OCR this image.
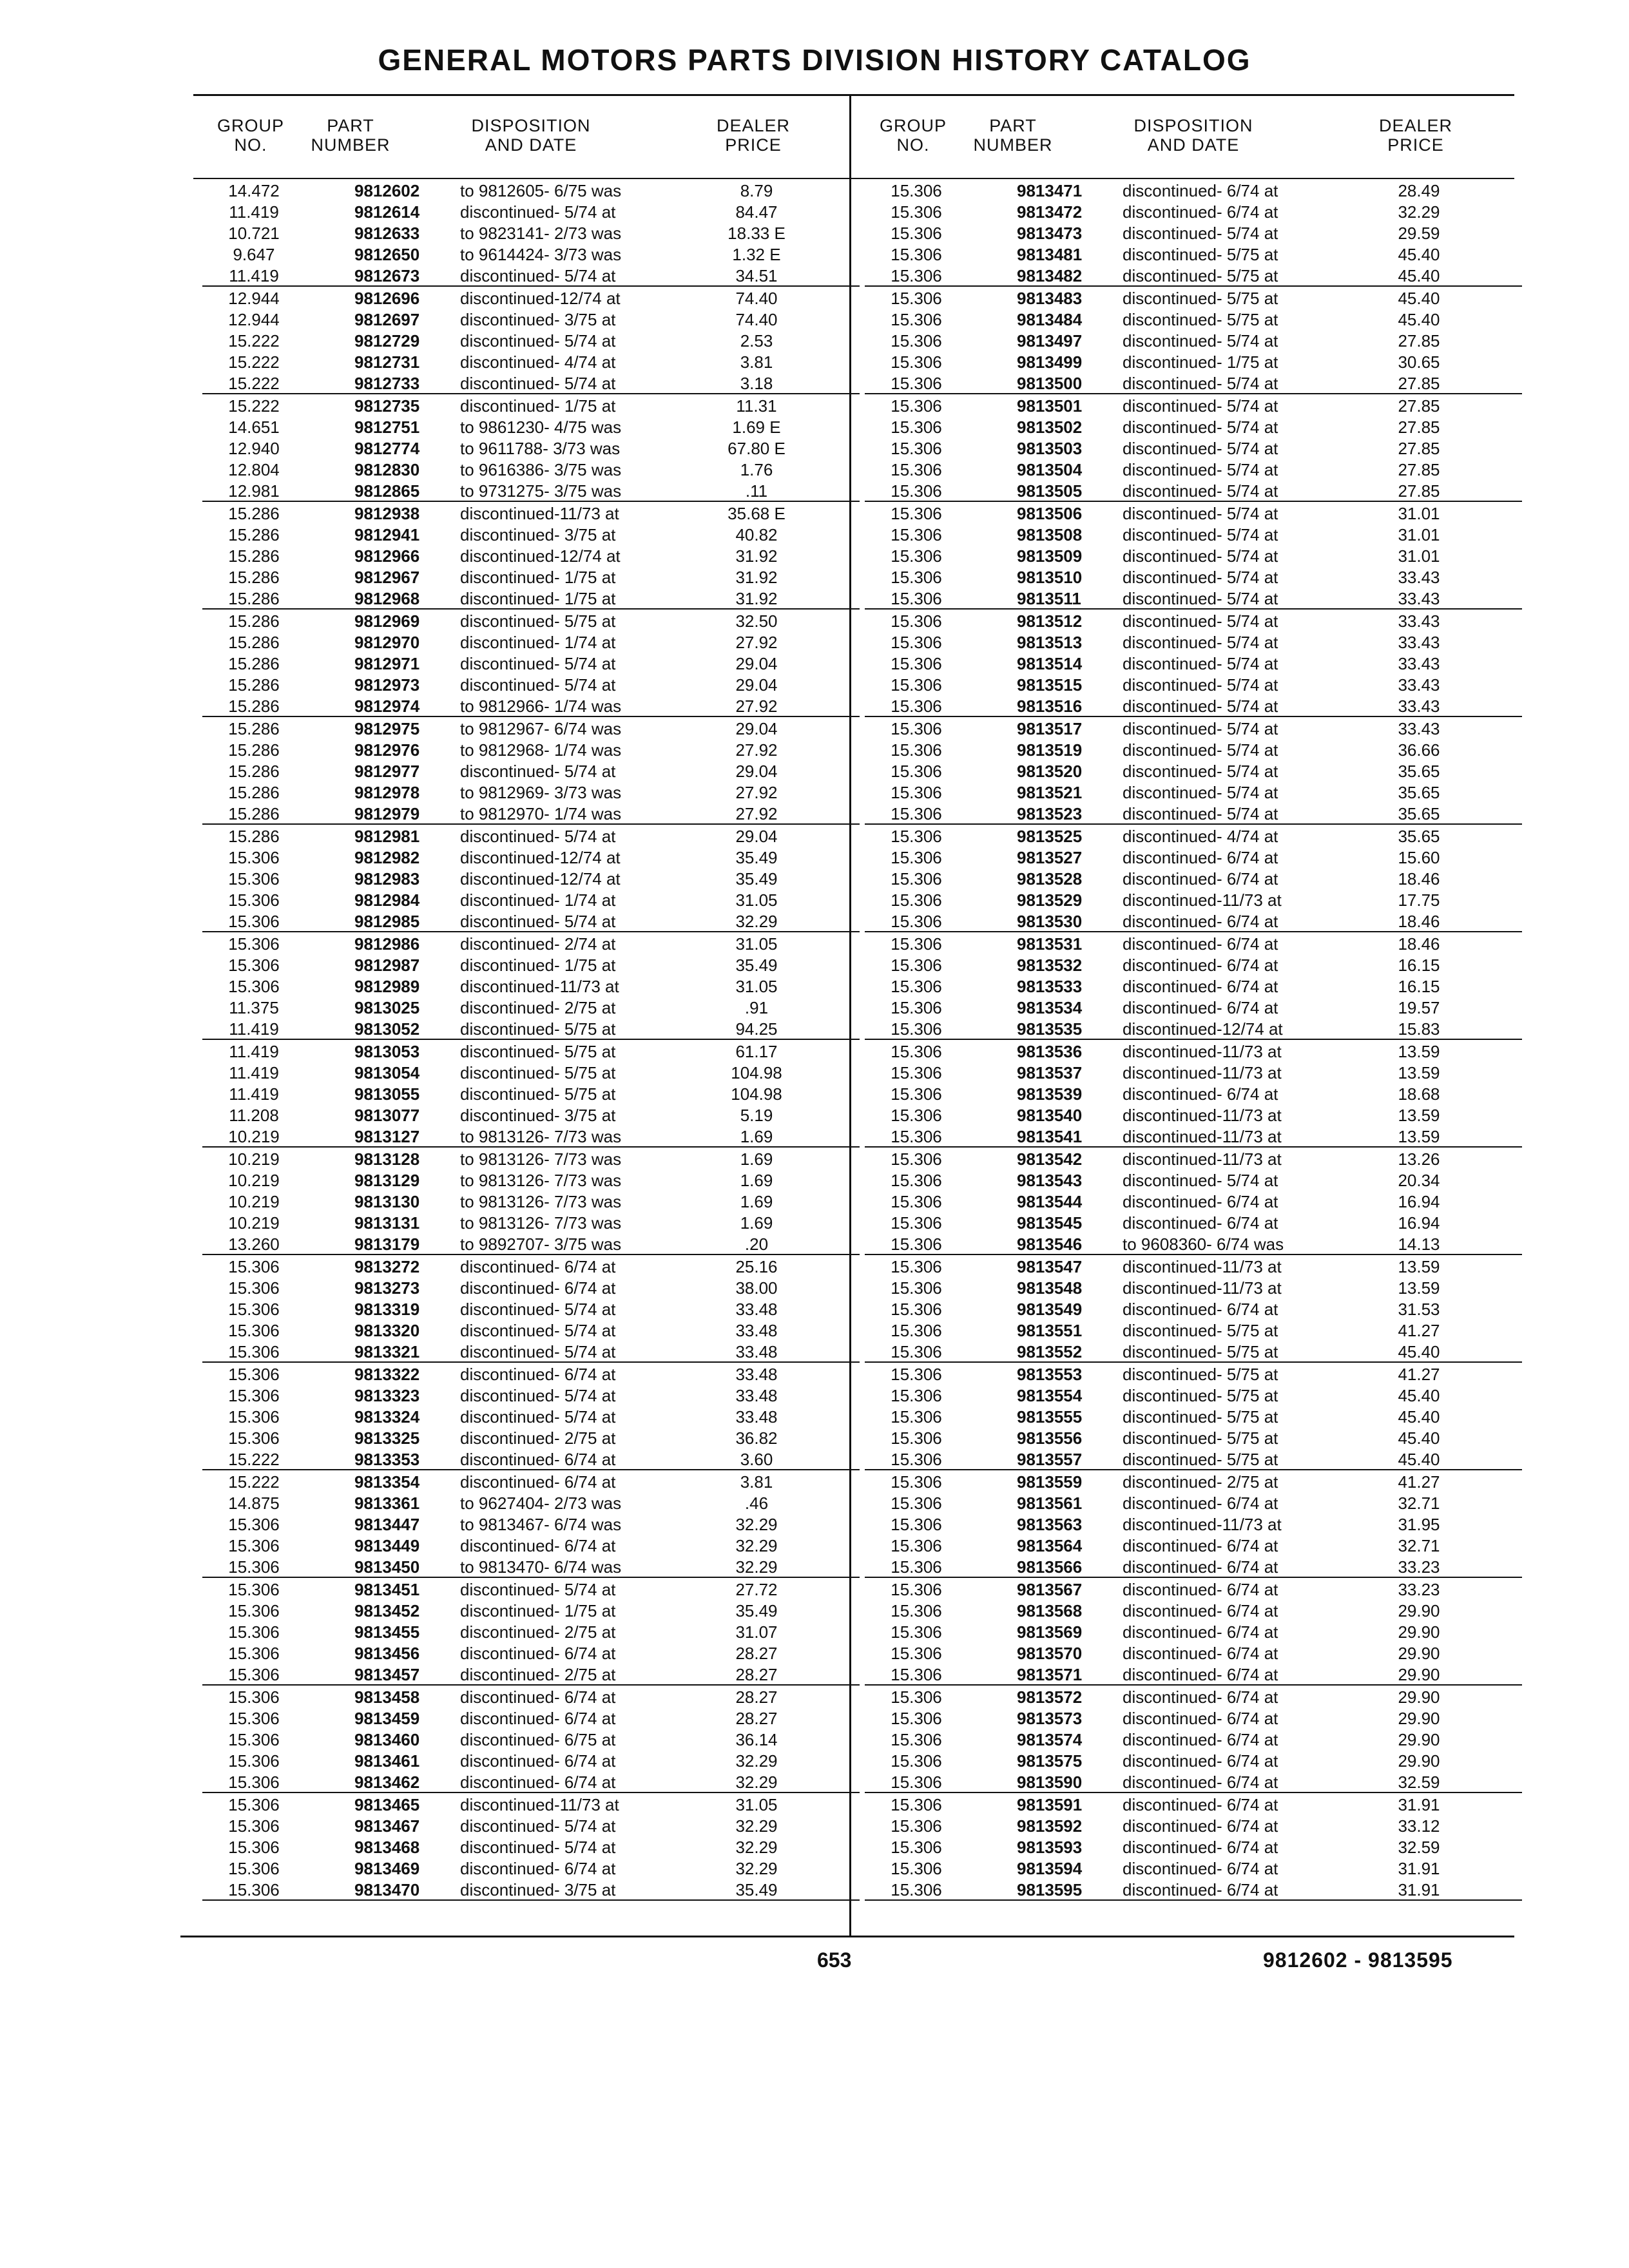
GENERAL MOTORS PARTS DIVISION HISTORY CATALOG
GROUP
NO.
PART
NUMBER
DISPOSITION
AND DATE
DEALER
PRICE
14.472	9812602 to 9812605- 6/75 was	8.79
11.419	9812614 discontinued- 5/74 at	84.47
10.721	9812633 to 9823141- 2/73 was	18.33 E
9.647	9812650 to 9614424- 3/73 was	1.32 E
11.419	9812673 discontinued- 5/74 at	34.51
12.944	9812696 discontinued-12/74 at	74.40
12.944	9812697 discontinued- 3/75 at	74.40
15.222	9812729 discontinued- 5/74 at	2.53
15.222	9812731 discontinued- 4/74 at	3.81
15.222	9812733 discontinued- 5/74 at	3.18
15.222	9812735 discontinued- 1/75 at	11.31
14.651	9812751 to 9861230- 4/75 was	1.69 E
12.940	9812774 to 9611788- 3/73 was	67.80 E
12.804	9812830 to 9616386- 3/75 was	1.76
12.981	9812865 to 9731275- 3/75 was	.11
15.286	9812938 discontinued-11/73 at	35.68 E
15.286	9812941 discontinued- 3/75 at	40.82
15.286	9812966 discontinued-12/74 at	31.92
15.286	9812967 discontinued- 1/75 at	31.92
15.286	9812968 discontinued- 1/75 at	31.92
15.286	9812969 discontinued- 5/75 at	32.50
15.286	9812970 discontinued- 1/74 at	27.92
15.286	9812971 discontinued- 5/74 at	29.04
15.286	9812973 discontinued- 5/74 at	29.04
15.286	9812974 to 9812966- 1/74 was	27.92
15.286	9812975 to 9812967- 6/74 was	29.04
15.286	9812976 to 9812968- 1/74 was	27.92
15.286	9812977 discontinued- 5/74 at	29.04
15.286	9812978 to 9812969- 3/73 was	27.92
15.286	9812979 to 9812970- 1/74 was	27.92
15.286	9812981 discontinued- 5/74 at	29.04
15.306	9812982 discontinued-12/74 at	35.49
15.306	9812983 discontinued-12/74 at	35.49
15.306	9812984 discontinued- 1/74 at	31.05
15.306	9812985 discontinued- 5/74 at	32.29
15.306	9812986 discontinued- 2/74 at	31.05
15.306	9812987 discontinued- 1/75 at	35.49
15.306	9812989 discontinued-11/73 at	31.05
11.375	9813025 discontinued- 2/75 at	.91
11.419	9813052 discontinued- 5/75 at	94.25
11.419	9813053 discontinued- 5/75 at	61.17
11.419	9813054 discontinued- 5/75 at	104.98
11.419	9813055 discontinued- 5/75 at	104.98
11.208	9813077 discontinued- 3/75 at	5.19
10.219	9813127 to 9813126- 7/73 was	1.69
10.219	9813128 to 9813126- 7/73 was	1.69
10.219	9813129 to 9813126- 7/73 was	1.69
10.219	9813130 to 9813126- 7/73 was	1.69
10.219	9813131 to 9813126- 7/73 was	1.69
13.260	9813179 to 9892707- 3/75 was	.20
15.306	9813272 discontinued- 6/74 at	25.16
15.306	9813273 discontinued- 6/74 at	38.00
15.306	9813319 discontinued- 5/74 at	33.48
15.306	9813320 discontinued- 5/74 at	33.48
15.306	9813321 discontinued- 5/74 at	33.48
15.306	9813322 discontinued- 6/74 at	33.48
15.306	9813323 discontinued- 5/74 at	33.48
15.306	9813324 discontinued- 5/74 at	33.48
15.306	9813325 discontinued- 2/75 at	36.82
15.222	9813353 discontinued- 6/74 at	3.60
15.222	9813354 discontinued- 6/74 at	3.81
14.875	9813361 to 9627404- 2/73 was	.46
15.306	9813447 to 9813467- 6/74 was	32.29
15.306	9813449 discontinued- 6/74 at	32.29
15.306	9813450 to 9813470- 6/74 was	32.29
15.306	9813451 discontinued- 5/74 at	27.72
15.306	9813452 discontinued- 1/75 at	35.49
15.306	9813455 discontinued- 2/75 at	31.07
15.306	9813456 discontinued- 6/74 at	28.27
15.306	9813457 discontinued- 2/75 at	28.27
15.306	9813458 discontinued- 6/74 at	28.27
15.306	9813459 discontinued- 6/74 at	28.27
15.306	9813460 discontinued- 6/75 at	36.14
15.306	9813461 discontinued- 6/74 at	32.29
15.306	9813462 discontinued- 6/74 at	32.29
15.306	9813465 discontinued-11/73 at	31.05
15.306	9813467 discontinued- 5/74 at	32.29
15.306	9813468 discontinued- 5/74 at	32.29
15.306	9813469 discontinued- 6/74 at	32.29
15.306	9813470 discontinued- 3/75 at	35.49
GROUP
NO.
PART
NUMBER
DISPOSITION
AND DATE
DEALER
PRICE
15.306	9813471 discontinued- 6/74 at	28.49
15.306	9813472 discontinued- 6/74 at	32.29
15.306	9813473 discontinued- 5/74 at	29.59
15.306	9813481 discontinued- 5/75 at	45.40
15.306	9813482 discontinued- 5/75 at	45.40
15.306	9813483 discontinued- 5/75 at	45.40
15.306	9813484 discontinued- 5/75 at	45.40
15.306	9813497 discontinued- 5/74 at	27.85
15.306	9813499 discontinued- 1/75 at	30.65
15.306	9813500 discontinued- 5/74 at	27.85
15.306	9813501 discontinued- 5/74 at	27.85
15.306	9813502 discontinued- 5/74 at	27.85
15.306	9813503 discontinued- 5/74 at	27.85
15.306	9813504 discontinued- 5/74 at	27.85
15.306	9813505 discontinued- 5/74 at	27.85
15.306	9813506 discontinued- 5/74 at	31.01
15.306	9813508 discontinued- 5/74 at	31.01
15.306	9813509 discontinued- 5/74 at	31.01
15.306	9813510 discontinued- 5/74 at	33.43
15.306	9813511 discontinued- 5/74 at	33.43
15.306	9813512 discontinued- 5/74 at	33.43
15.306	9813513 discontinued- 5/74 at	33.43
15.306	9813514 discontinued- 5/74 at	33.43
15.306	9813515 discontinued- 5/74 at	33.43
15.306	9813516 discontinued- 5/74 at	33.43
15.306	9813517 discontinued- 5/74 at	33.43
15.306	9813519 discontinued- 5/74 at	36.66
15.306	9813520 discontinued- 5/74 at	35.65
15.306	9813521 discontinued- 5/74 at	35.65
15.306	9813523 discontinued- 5/74 at	35.65
15.306	9813525 discontinued- 4/74 at	35.65
15.306	9813527 discontinued- 6/74 at	15.60
15.306	9813528 discontinued- 6/74 at	18.46
15.306	9813529 discontinued-11/73 at	17.75
15.306	9813530 discontinued- 6/74 at	18.46
15.306	9813531 discontinued- 6/74 at	18.46
15.306	9813532 discontinued- 6/74 at	16.15
15.306	9813533 discontinued- 6/74 at	16.15
15.306	9813534 discontinued- 6/74 at	19.57
15.306	9813535 discontinued-12/74 at	15.83
15.306	9813536 discontinued-11/73 at	13.59
15.306	9813537 discontinued-11/73 at	13.59
15.306	9813539 discontinued- 6/74 at	18.68
15.306	9813540 discontinued-11/73 at	13.59
15.306	9813541 discontinued-11/73 at	13.59
15.306	9813542 discontinued-11/73 at	13.26
15.306	9813543 discontinued- 5/74 at	20.34
15.306	9813544 discontinued- 6/74 at	16.94
15.306	9813545 discontinued- 6/74 at	16.94
15.306	9813546 to 9608360- 6/74 was	14.13
15.306	9813547 discontinued-11/73 at	13.59
15.306	9813548 discontinued-11/73 at	13.59
15.306	9813549 discontinued- 6/74 at	31.53
15.306	9813551 discontinued- 5/75 at	41.27
15.306	9813552 discontinued- 5/75 at	45.40
15.306	9813553 discontinued- 5/75 at	41.27
15.306	9813554 discontinued- 5/75 at	45.40
15.306	9813555 discontinued- 5/75 at	45.40
15.306	9813556 discontinued- 5/75 at	45.40
15.306	9813557 discontinued- 5/75 at	45.40
15.306	9813559 discontinued- 2/75 at	41.27
15.306	9813561 discontinued- 6/74 at	32.71
15.306	9813563 discontinued-11/73 at	31.95
15.306	9813564 discontinued- 6/74 at	32.71
15.306	9813566 discontinued- 6/74 at	33.23
15.306	9813567 discontinued- 6/74 at	33.23
15.306	9813568 discontinued- 6/74 at	29.90
15.306	9813569 discontinued- 6/74 at	29.90
15.306	9813570 discontinued- 6/74 at	29.90
15.306	9813571 discontinued- 6/74 at	29.90
15.306	9813572 discontinued- 6/74 at	29.90
15.306	9813573 discontinued- 6/74 at	29.90
15.306	9813574 discontinued- 6/74 at	29.90
15.306	9813575 discontinued- 6/74 at	29.90
15.306	9813590 discontinued- 6/74 at	32.59
15.306	9813591 discontinued- 6/74 at	31.91
15.306	9813592 discontinued- 6/74 at	33.12
15.306	9813593 discontinued- 6/74 at	32.59
15.306	9813594 discontinued- 6/74 at	31.91
15.306	9813595 discontinued- 6/74 at	31.91
653	9812602 - 9813595
